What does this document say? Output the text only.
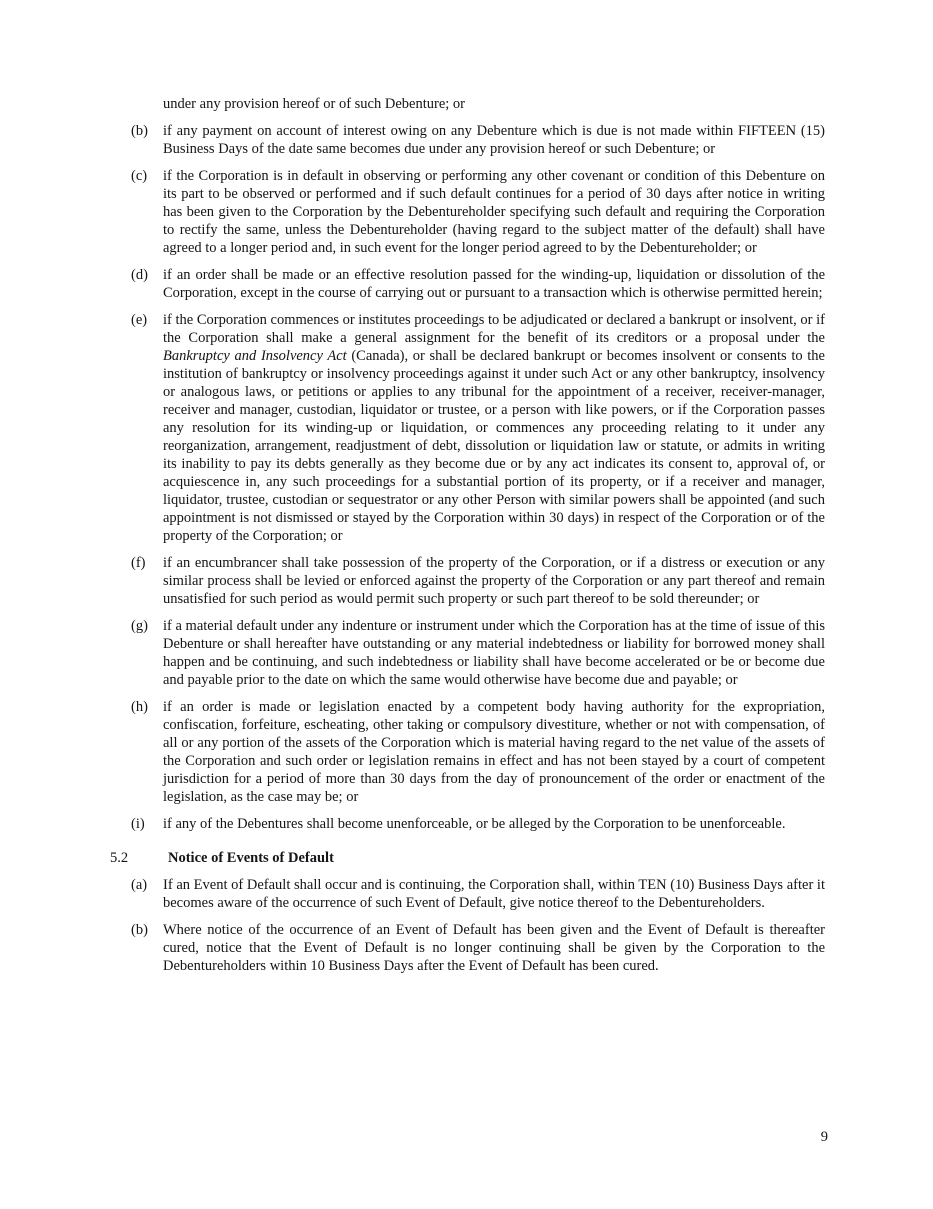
under any provision hereof or of such Debenture; or

(b)	if any payment on account of interest owing on any Debenture which is due is not made within FIFTEEN (15) Business Days of the date same becomes due under any provision hereof or such Debenture; or
(c)	if the Corporation is in default in observing or performing any other covenant or condition of this Debenture on its part to be observed or performed and if such default continues for a period of 30 days after notice in writing has been given to the Corporation by the Debentureholder specifying such default and requiring the Corporation to rectify the same, unless the Debentureholder (having regard to the subject matter of the default) shall have agreed to a longer period and, in such event for the longer period agreed to by the Debentureholder; or
(d)	if an order shall be made or an effective resolution passed for the winding-up, liquidation or dissolution of the Corporation, except in the course of carrying out or pursuant to a transaction which is otherwise permitted herein;
(e)	if the Corporation commences or institutes proceedings to be adjudicated or declared a bankrupt or insolvent, or if the Corporation shall make a general assignment for the benefit of its creditors or a proposal under the Bankruptcy and Insolvency Act (Canada), or shall be declared bankrupt or becomes insolvent or consents to the institution of bankruptcy or insolvency proceedings against it under such Act or any other bankruptcy, insolvency or analogous laws, or petitions or applies to any tribunal for the appointment of a receiver, receiver-manager, receiver and manager, custodian, liquidator or trustee, or a person with like powers, or if the Corporation passes any resolution for its winding-up or liquidation, or commences any proceeding relating to it under any reorganization, arrangement, readjustment of debt, dissolution or liquidation law or statute, or admits in writing its inability to pay its debts generally as they become due or by any act indicates its consent to, approval of, or acquiescence in, any such proceedings for a substantial portion of its property, or if a receiver and manager, liquidator, trustee, custodian or sequestrator or any other Person with similar powers shall be appointed (and such appointment is not dismissed or stayed by the Corporation within 30 days) in respect of the Corporation or of the property of the Corporation; or
(f)	if an encumbrancer shall take possession of the property of the Corporation, or if a distress or execution or any similar process shall be levied or enforced against the property of the Corporation or any part thereof and remain unsatisfied for such period as would permit such property or such part thereof to be sold thereunder; or
(g)	if a material default under any indenture or instrument under which the Corporation has at the time of issue of this Debenture or shall hereafter have outstanding or any material indebtedness or liability for borrowed money shall happen and be continuing, and such indebtedness or liability shall have become accelerated or be or become due and payable prior to the date on which the same would otherwise have become due and payable; or
(h)	if an order is made or legislation enacted by a competent body having authority for the expropriation, confiscation, forfeiture, escheating, other taking or compulsory divestiture, whether or not with compensation, of all or any portion of the assets of the Corporation which is material having regard to the net value of the assets of the Corporation and such order or legislation remains in effect and has not been stayed by a court of competent jurisdiction for a period of more than 30 days from the day of pronouncement of the order or enactment of the legislation, as the case may be; or
(i)	if any of the Debentures shall become unenforceable, or be alleged by the Corporation to be unenforceable.
5.2	Notice of Events of Default
(a)	If an Event of Default shall occur and is continuing, the Corporation shall, within TEN (10) Business Days after it becomes aware of the occurrence of such Event of Default, give notice thereof to the Debentureholders.
(b)	Where notice of the occurrence of an Event of Default has been given and the Event of Default is thereafter cured, notice that the Event of Default is no longer continuing shall be given by the Corporation to the Debentureholders within 10 Business Days after the Event of Default has been cured.
9
